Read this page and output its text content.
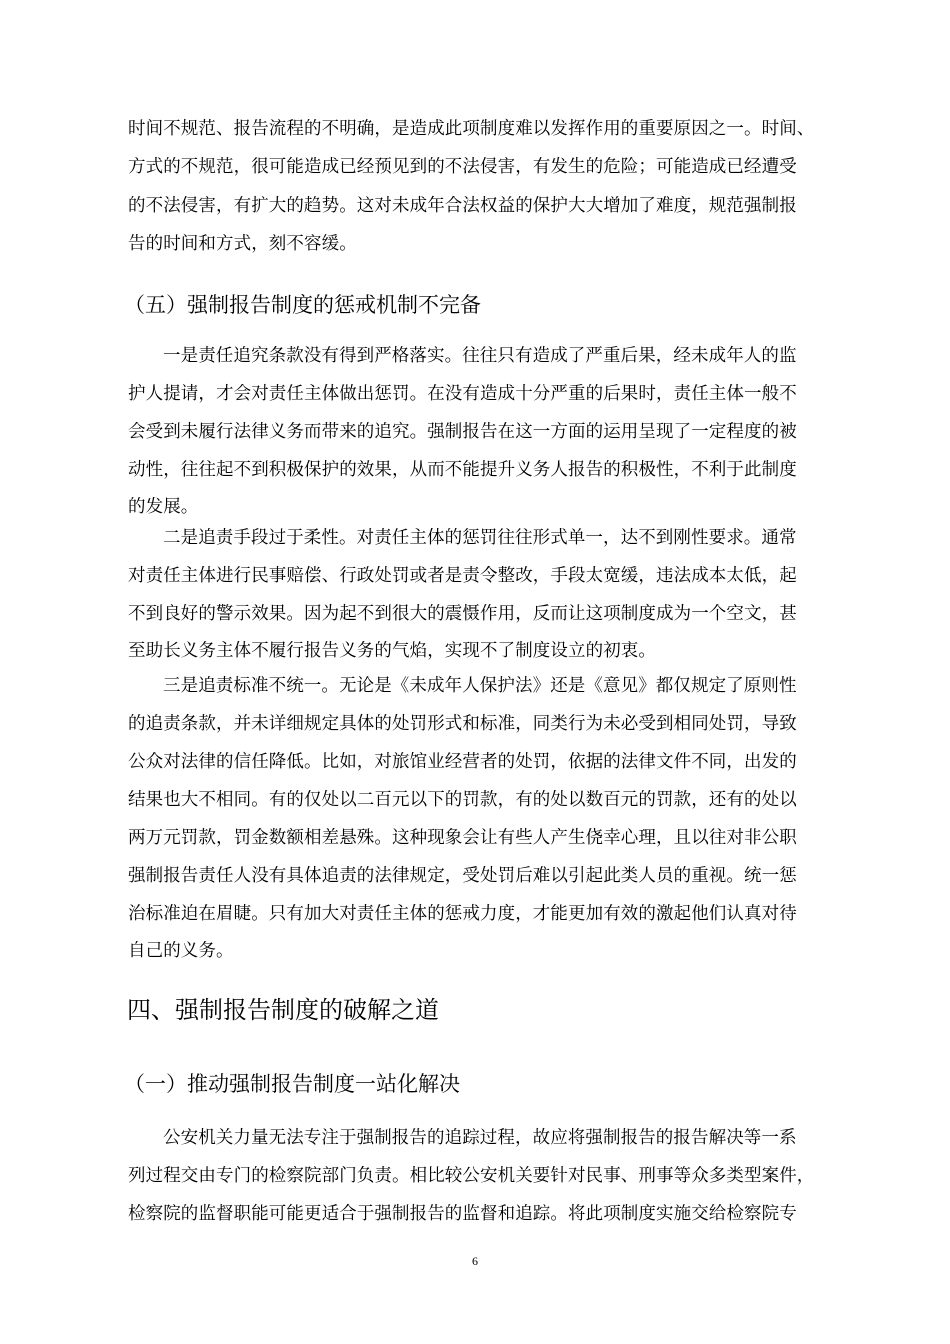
时间不规范、报告流程的不明确，是造成此项制度难以发挥作用的重要原因之一。时间、
方式的不规范，很可能造成已经预见到的不法侵害，有发生的危险；可能造成已经遭受
的不法侵害，有扩大的趋势。这对未成年合法权益的保护大大增加了难度，规范强制报
告的时间和方式，刻不容缓。
（五）强制报告制度的惩戒机制不完备
一是责任追究条款没有得到严格落实。往往只有造成了严重后果，经未成年人的监
护人提请，才会对责任主体做出惩罚。在没有造成十分严重的后果时，责任主体一般不
会受到未履行法律义务而带来的追究。强制报告在这一方面的运用呈现了一定程度的被
动性，往往起不到积极保护的效果，从而不能提升义务人报告的积极性，不利于此制度
的发展。
二是追责手段过于柔性。对责任主体的惩罚往往形式单一，达不到刚性要求。通常
对责任主体进行民事赔偿、行政处罚或者是责令整改，手段太宽缓，违法成本太低，起
不到良好的警示效果。因为起不到很大的震慑作用，反而让这项制度成为一个空文，甚
至助长义务主体不履行报告义务的气焰，实现不了制度设立的初衷。
三是追责标准不统一。无论是《未成年人保护法》还是《意见》都仅规定了原则性
的追责条款，并未详细规定具体的处罚形式和标准，同类行为未必受到相同处罚，导致
公众对法律的信任降低。比如，对旅馆业经营者的处罚，依据的法律文件不同，出发的
结果也大不相同。有的仅处以二百元以下的罚款，有的处以数百元的罚款，还有的处以
两万元罚款，罚金数额相差悬殊。这种现象会让有些人产生侥幸心理，且以往对非公职
强制报告责任人没有具体追责的法律规定，受处罚后难以引起此类人员的重视。统一惩
治标准迫在眉睫。只有加大对责任主体的惩戒力度，才能更加有效的激起他们认真对待
自己的义务。
四、强制报告制度的破解之道
（一）推动强制报告制度一站化解决
公安机关力量无法专注于强制报告的追踪过程，故应将强制报告的报告解决等一系
列过程交由专门的检察院部门负责。相比较公安机关要针对民事、刑事等众多类型案件，
检察院的监督职能可能更适合于强制报告的监督和追踪。将此项制度实施交给检察院专
6
